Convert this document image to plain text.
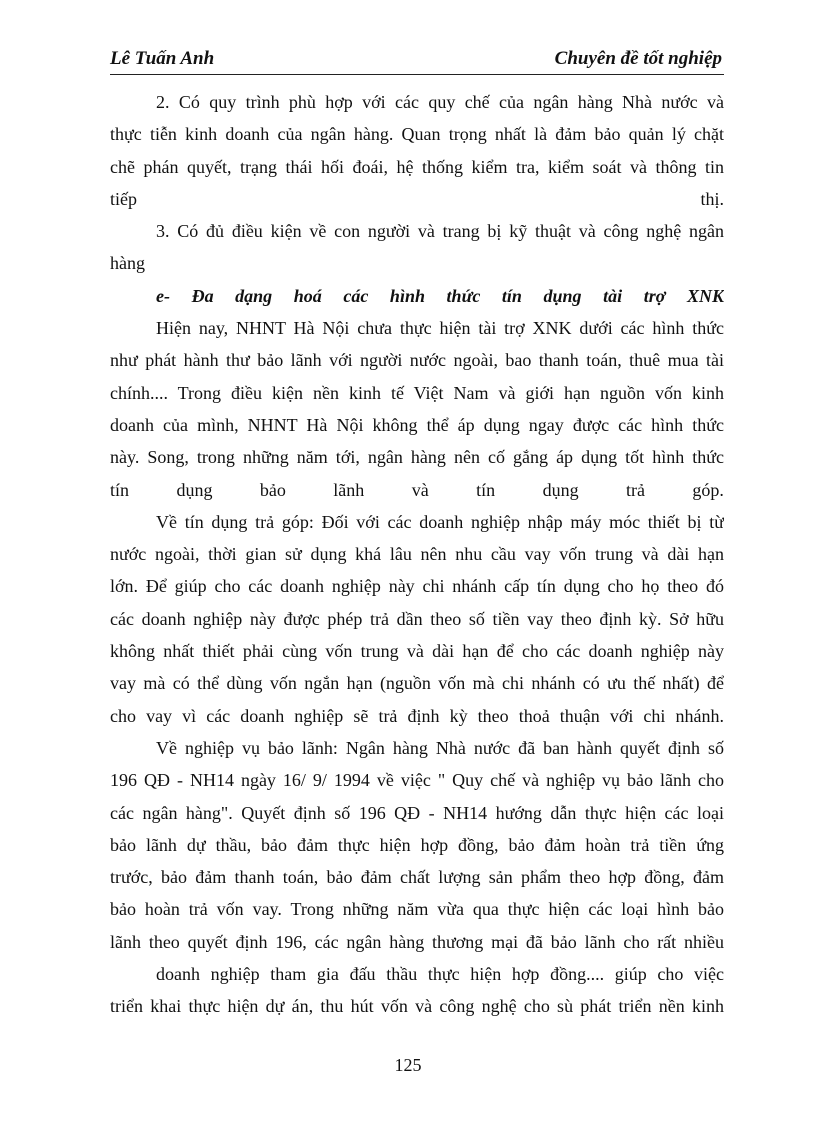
Lê Tuấn Anh	Chuyên đề tốt nghiệp
2. Có quy trình phù hợp với các quy chế của ngân hàng Nhà nước và
thực tiễn kinh doanh của ngân hàng. Quan trọng nhất là đảm bảo quản lý chặt
chẽ phán quyết, trạng thái hối đoái, hệ thống kiểm tra, kiểm soát và thông tin
tiếp	thị.
3. Có đủ điều kiện về con người và trang bị kỹ thuật và công nghệ ngân
hàng
e- Đa dạng hoá các hình thức tín dụng tài trợ XNK
Hiện nay, NHNT Hà Nội chưa thực hiện tài trợ XNK dưới các hình thức
như phát hành thư bảo lãnh với người nước ngoài, bao thanh toán, thuê mua tài
chính.... Trong điều kiện nền kinh tế Việt Nam và giới hạn nguồn vốn kinh
doanh của mình, NHNT Hà Nội không thể áp dụng ngay được các hình thức
này. Song, trong những năm tới, ngân hàng nên cố gắng áp dụng tốt hình thức
tín	dụng	bảo	lãnh	và	tín	dụng	trả	góp.
Về tín dụng trả góp: Đối với các doanh nghiệp nhập máy móc thiết bị từ
nước ngoài, thời gian sử dụng khá lâu nên nhu cầu vay vốn trung và dài hạn
lớn. Để giúp cho các doanh nghiệp này chi nhánh cấp tín dụng cho họ theo đó
các doanh nghiệp này được phép trả dần theo số tiền vay theo định kỳ. Sở hữu
không nhất thiết phải cùng vốn trung và dài hạn để cho các doanh nghiệp này
vay mà có thể dùng vốn ngắn hạn (nguồn vốn mà chi nhánh có ưu thế nhất) để
cho vay vì các doanh nghiệp sẽ trả định kỳ theo thoả thuận với chi nhánh.
Về nghiệp vụ bảo lãnh: Ngân hàng Nhà nước đã ban hành quyết định số
196 QĐ - NH14 ngày 16/ 9/ 1994 về việc " Quy chế và nghiệp vụ bảo lãnh cho
các ngân hàng". Quyết định số 196 QĐ - NH14 hướng dẫn thực hiện các loại
bảo lãnh dự thầu, bảo đảm thực hiện hợp đồng, bảo đảm hoàn trả tiền ứng
trước, bảo đảm thanh toán, bảo đảm chất lượng sản phẩm theo hợp đồng, đảm
bảo hoàn trả vốn vay. Trong những năm vừa qua thực hiện các loại hình bảo
lãnh theo quyết định 196, các ngân hàng thương mại đã bảo lãnh cho rất nhiều
doanh nghiệp tham gia đấu thầu thực hiện hợp đồng.... giúp cho việc
triển khai thực hiện dự án, thu hút vốn và công nghệ cho sù phát triển nền kinh
125
